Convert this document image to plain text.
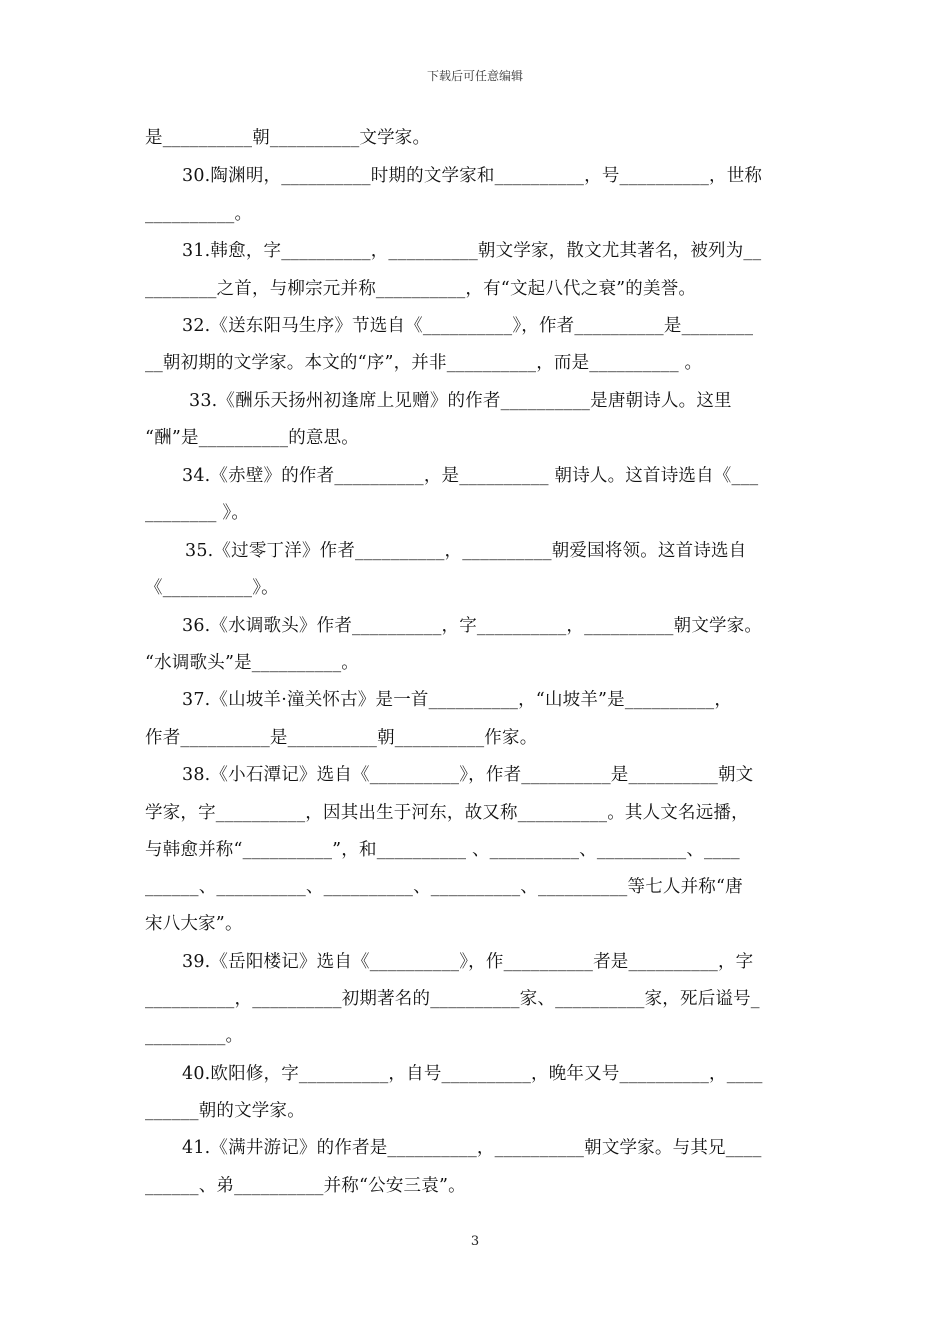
下载后可任意编辑
是__________朝__________文学家。
30.陶渊明，__________时期的文学家和__________，号__________，世称
__________。
31.韩愈，字__________，__________朝文学家，散文尤其著名，被列为__
________之首，与柳宗元并称__________，有“文起八代之衰”的美誉。
32.《送东阳马生序》节选自《__________》，作者__________是________
__朝初期的文学家。本文的“序”，并非__________，而是__________ 。
33.《酬乐天扬州初逢席上见赠》的作者__________是唐朝诗人。这里
“酬”是__________的意思。
34.《赤壁》的作者__________，是__________ 朝诗人。这首诗选自《___
________ 》。
35.《过零丁洋》作者__________，__________朝爱国将领。这首诗选自
《__________》。
36.《水调歌头》作者__________，字__________，__________朝文学家。
“水调歌头”是__________。
37.《山坡羊·潼关怀古》是一首__________，“山坡羊”是__________，
作者__________是__________朝__________作家。
38.《小石潭记》选自《__________》，作者__________是__________朝文
学家，字__________，因其出生于河东，故又称__________。其人文名远播，
与韩愈并称“__________”，和__________ 、__________、__________、____
______、__________、__________、__________、__________等七人并称“唐
宋八大家”。
39.《岳阳楼记》选自《__________》，作__________者是__________，字
__________，__________初期著名的__________家、__________家，死后谥号_
_________。
40.欧阳修，字__________，自号__________，晚年又号__________，____
______朝的文学家。
41.《满井游记》的作者是__________，__________朝文学家。与其兄____
______、弟__________并称“公安三袁”。
3
